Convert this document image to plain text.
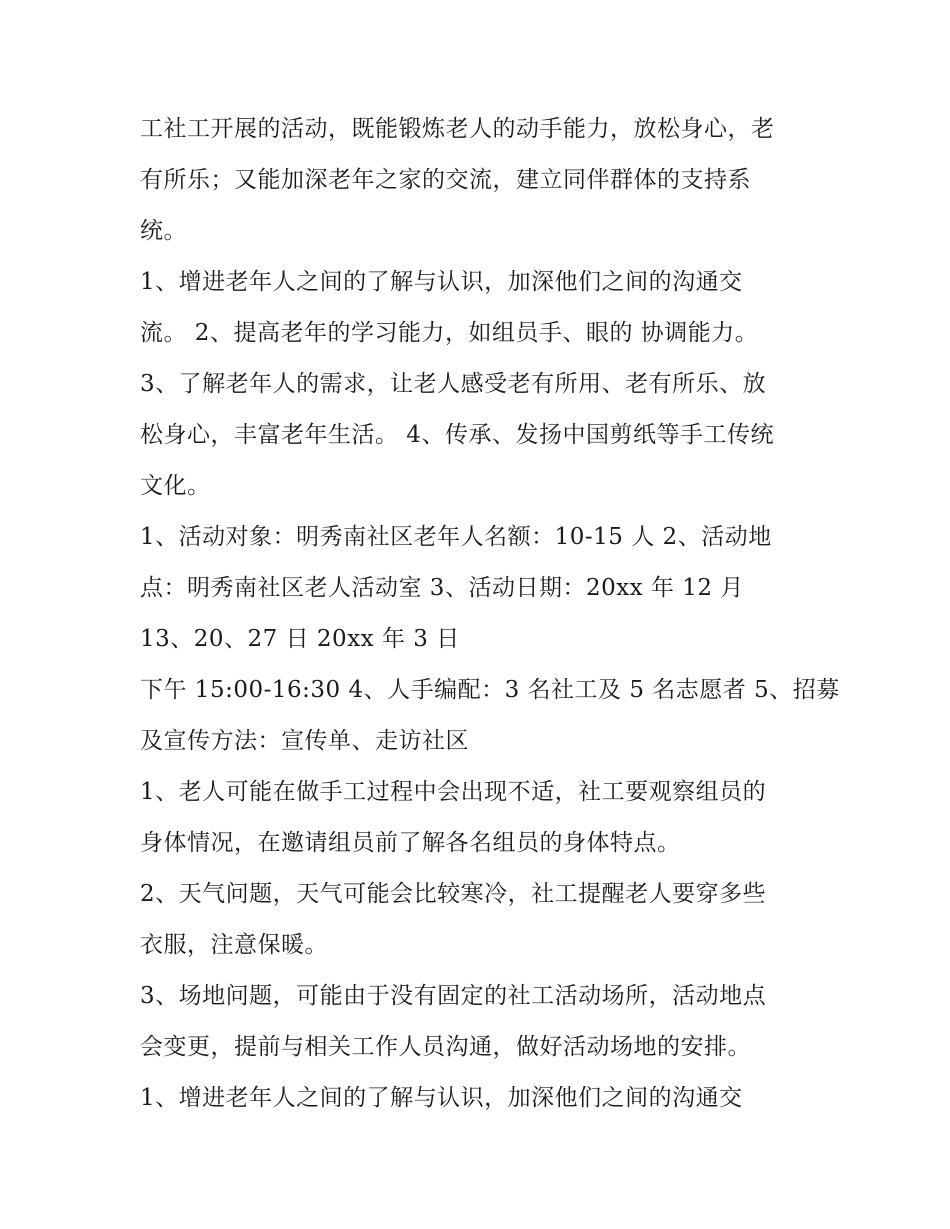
工社工开展的活动，既能锻炼老人的动手能力，放松身心，老
有所乐；又能加深老年之家的交流，建立同伴群体的支持系
统。
1、增进老年人之间的了解与认识，加深他们之间的沟通交
流。 2、提高老年的学习能力，如组员手、眼的 协调能力。
3、了解老年人的需求，让老人感受老有所用、老有所乐、放
松身心，丰富老年生活。 4、传承、发扬中国剪纸等手工传统
文化。
1、活动对象：明秀南社区老年人名额：10-15 人 2、活动地
点：明秀南社区老人活动室 3、活动日期：20xx 年 12 月
13、20、27 日 20xx 年 3 日
下午 15:00-16:30 4、人手编配：3 名社工及 5 名志愿者 5、招募
及宣传方法：宣传单、走访社区
1、老人可能在做手工过程中会出现不适，社工要观察组员的
身体情况，在邀请组员前了解各名组员的身体特点。
2、天气问题，天气可能会比较寒冷，社工提醒老人要穿多些
衣服，注意保暖。
3、场地问题，可能由于没有固定的社工活动场所，活动地点
会变更，提前与相关工作人员沟通，做好活动场地的安排。
1、增进老年人之间的了解与认识，加深他们之间的沟通交
